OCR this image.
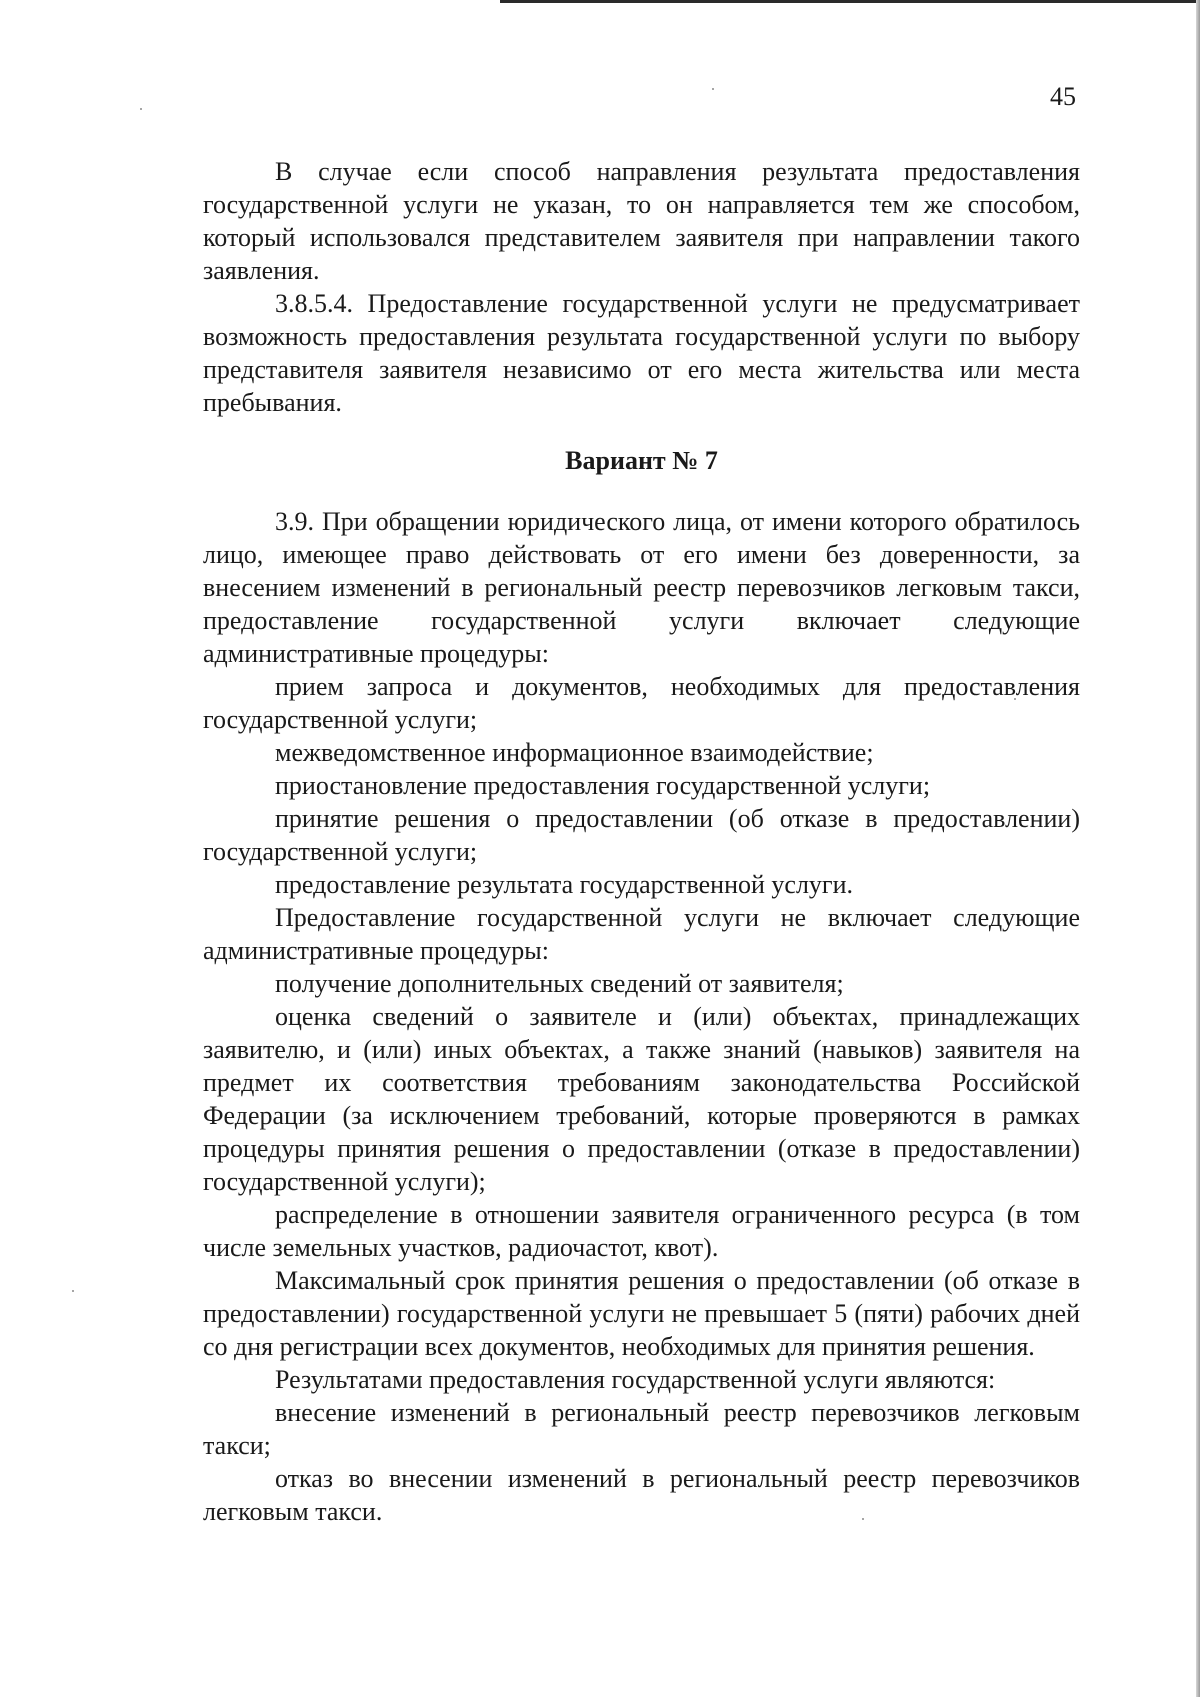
45

В случае если способ направления результата предоставления государственной услуги не указан, то он направляется тем же способом, который использовался представителем заявителя при направлении такого заявления.

3.8.5.4. Предоставление государственной услуги не предусматривает возможность предоставления результата государственной услуги по выбору представителя заявителя независимо от его места жительства или места пребывания.

Вариант № 7

3.9. При обращении юридического лица, от имени которого обратилось лицо, имеющее право действовать от его имени без доверенности, за внесением изменений в региональный реестр перевозчиков легковым такси, предоставление государственной услуги включает следующие административные процедуры:

прием запроса и документов, необходимых для предоставления государственной услуги;

межведомственное информационное взаимодействие;

приостановление предоставления государственной услуги;

принятие решения о предоставлении (об отказе в предоставлении) государственной услуги;

предоставление результата государственной услуги.

Предоставление государственной услуги не включает следующие административные процедуры:

получение дополнительных сведений от заявителя;

оценка сведений о заявителе и (или) объектах, принадлежащих заявителю, и (или) иных объектах, а также знаний (навыков) заявителя на предмет их соответствия требованиям законодательства Российской Федерации (за исключением требований, которые проверяются в рамках процедуры принятия решения о предоставлении (отказе в предоставлении) государственной услуги);

распределение в отношении заявителя ограниченного ресурса (в том числе земельных участков, радиочастот, квот).

Максимальный срок принятия решения о предоставлении (об отказе в предоставлении) государственной услуги не превышает 5 (пяти) рабочих дней со дня регистрации всех документов, необходимых для принятия решения.

Результатами предоставления государственной услуги являются:

внесение изменений в региональный реестр перевозчиков легковым такси;

отказ во внесении изменений в региональный реестр перевозчиков легковым такси.
